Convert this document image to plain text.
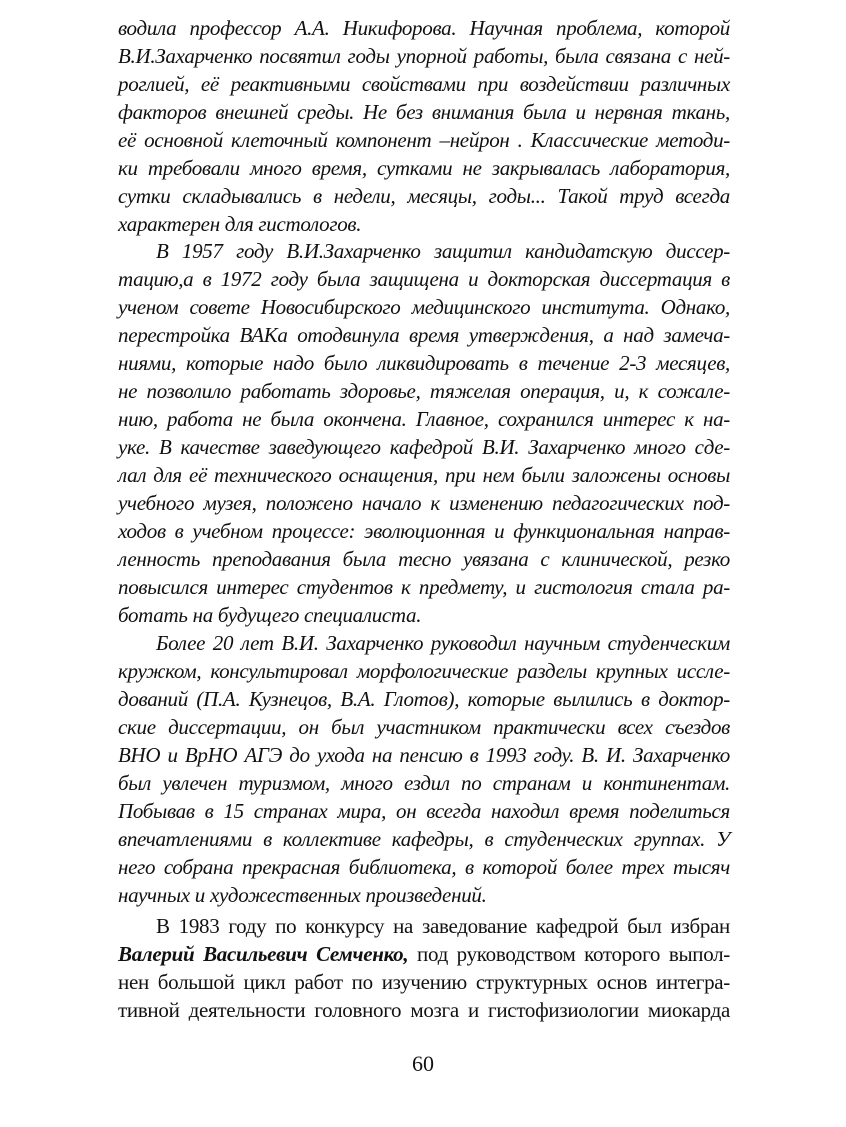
водила профессор А.А. Никифорова. Научная проблема, которой
В.И.Захарченко посвятил годы упорной работы, была связана с ней-
роглией, её реактивными свойствами при воздействии различных
факторов внешней среды. Не без внимания была и нервная ткань,
её основной клеточный компонент –нейрон . Классические методи-
ки требовали много время, сутками не закрывалась лаборатория,
сутки складывались в недели, месяцы, годы... Такой труд всегда
характерен для гистологов.
В 1957 году В.И.Захарченко защитил кандидатскую диссер-
тацию,а в 1972 году была защищена и докторская диссертация в
ученом совете Новосибирского медицинского института. Однако,
перестройка ВАКа отодвинула время утверждения, а над замеча-
ниями, которые надо было ликвидировать в течение 2-3 месяцев,
не позволило работать здоровье, тяжелая операция, и, к сожале-
нию, работа не была окончена. Главное, сохранился интерес к на-
уке. В качестве заведующего кафедрой В.И. Захарченко много сде-
лал для её технического оснащения, при нем были заложены основы
учебного музея, положено начало к изменению педагогических под-
ходов в учебном процессе: эволюционная и функциональная направ-
ленность преподавания была тесно увязана с клинической, резко
повысился интерес студентов к предмету, и гистология стала ра-
ботать на будущего специалиста.
Более 20 лет В.И. Захарченко руководил научным студенческим
кружком, консультировал морфологические разделы крупных иссле-
дований (П.А. Кузнецов, В.А. Глотов), которые вылились в доктор-
ские диссертации, он был участником практически всех съездов
ВНО и ВрНО АГЭ до ухода на пенсию в 1993 году. В. И. Захарченко
был увлечен туризмом, много ездил по странам и континентам.
Побывав в 15 странах мира, он всегда находил время поделиться
впечатлениями в коллективе кафедры, в студенческих группах. У
него собрана прекрасная библиотека, в которой более трех тысяч
научных и художественных произведений.
В 1983 году по конкурсу на заведование кафедрой был избран
Валерий Васильевич Семченко, под руководством которого выпол-
нен большой цикл работ по изучению структурных основ интегра-
тивной деятельности головного мозга и гистофизиологии миокарда
60
